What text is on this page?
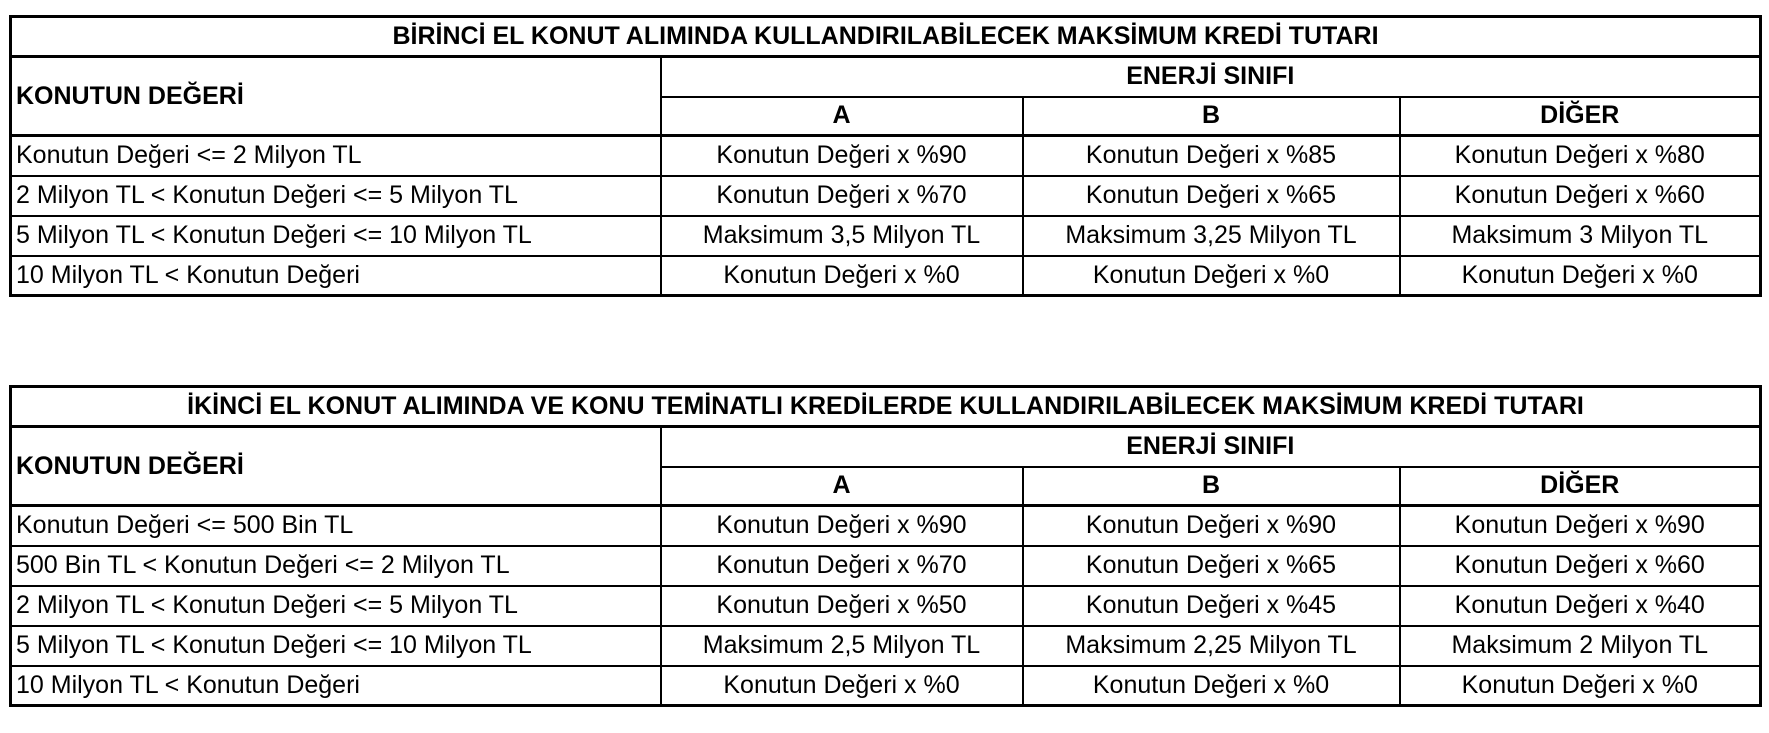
BİRİNCİ EL KONUT ALIMINDA KULLANDIRILABİLECEK MAKSİMUM KREDİ TUTARI			
KONUTUN DEĞERİ	ENERJİ SINIFI		
	A	B	DİĞER
Konutun Değeri <= 2 Milyon TL	Konutun Değeri x %90	Konutun Değeri x %85	Konutun Değeri x %80
2 Milyon TL < Konutun Değeri <= 5 Milyon TL	Konutun Değeri x %70	Konutun Değeri x %65	Konutun Değeri x %60
5 Milyon TL < Konutun Değeri <= 10 Milyon TL	Maksimum 3,5 Milyon TL	Maksimum 3,25 Milyon TL	Maksimum 3 Milyon TL
10 Milyon TL < Konutun Değeri	Konutun Değeri x %0	Konutun Değeri x %0	Konutun Değeri x %0
İKİNCİ EL KONUT ALIMINDA VE KONU TEMİNATLI KREDİLERDE KULLANDIRILABİLECEK MAKSİMUM KREDİ TUTARI			
KONUTUN DEĞERİ	ENERJİ SINIFI		
	A	B	DİĞER
Konutun Değeri <= 500 Bin TL	Konutun Değeri x %90	Konutun Değeri x %90	Konutun Değeri x %90
500 Bin TL < Konutun Değeri <= 2 Milyon TL	Konutun Değeri x %70	Konutun Değeri x %65	Konutun Değeri x %60
2 Milyon TL < Konutun Değeri <= 5 Milyon TL	Konutun Değeri x %50	Konutun Değeri x %45	Konutun Değeri x %40
5 Milyon TL < Konutun Değeri <= 10 Milyon TL	Maksimum 2,5 Milyon TL	Maksimum 2,25 Milyon TL	Maksimum 2 Milyon TL
10 Milyon TL < Konutun Değeri	Konutun Değeri x %0	Konutun Değeri x %0	Konutun Değeri x %0
